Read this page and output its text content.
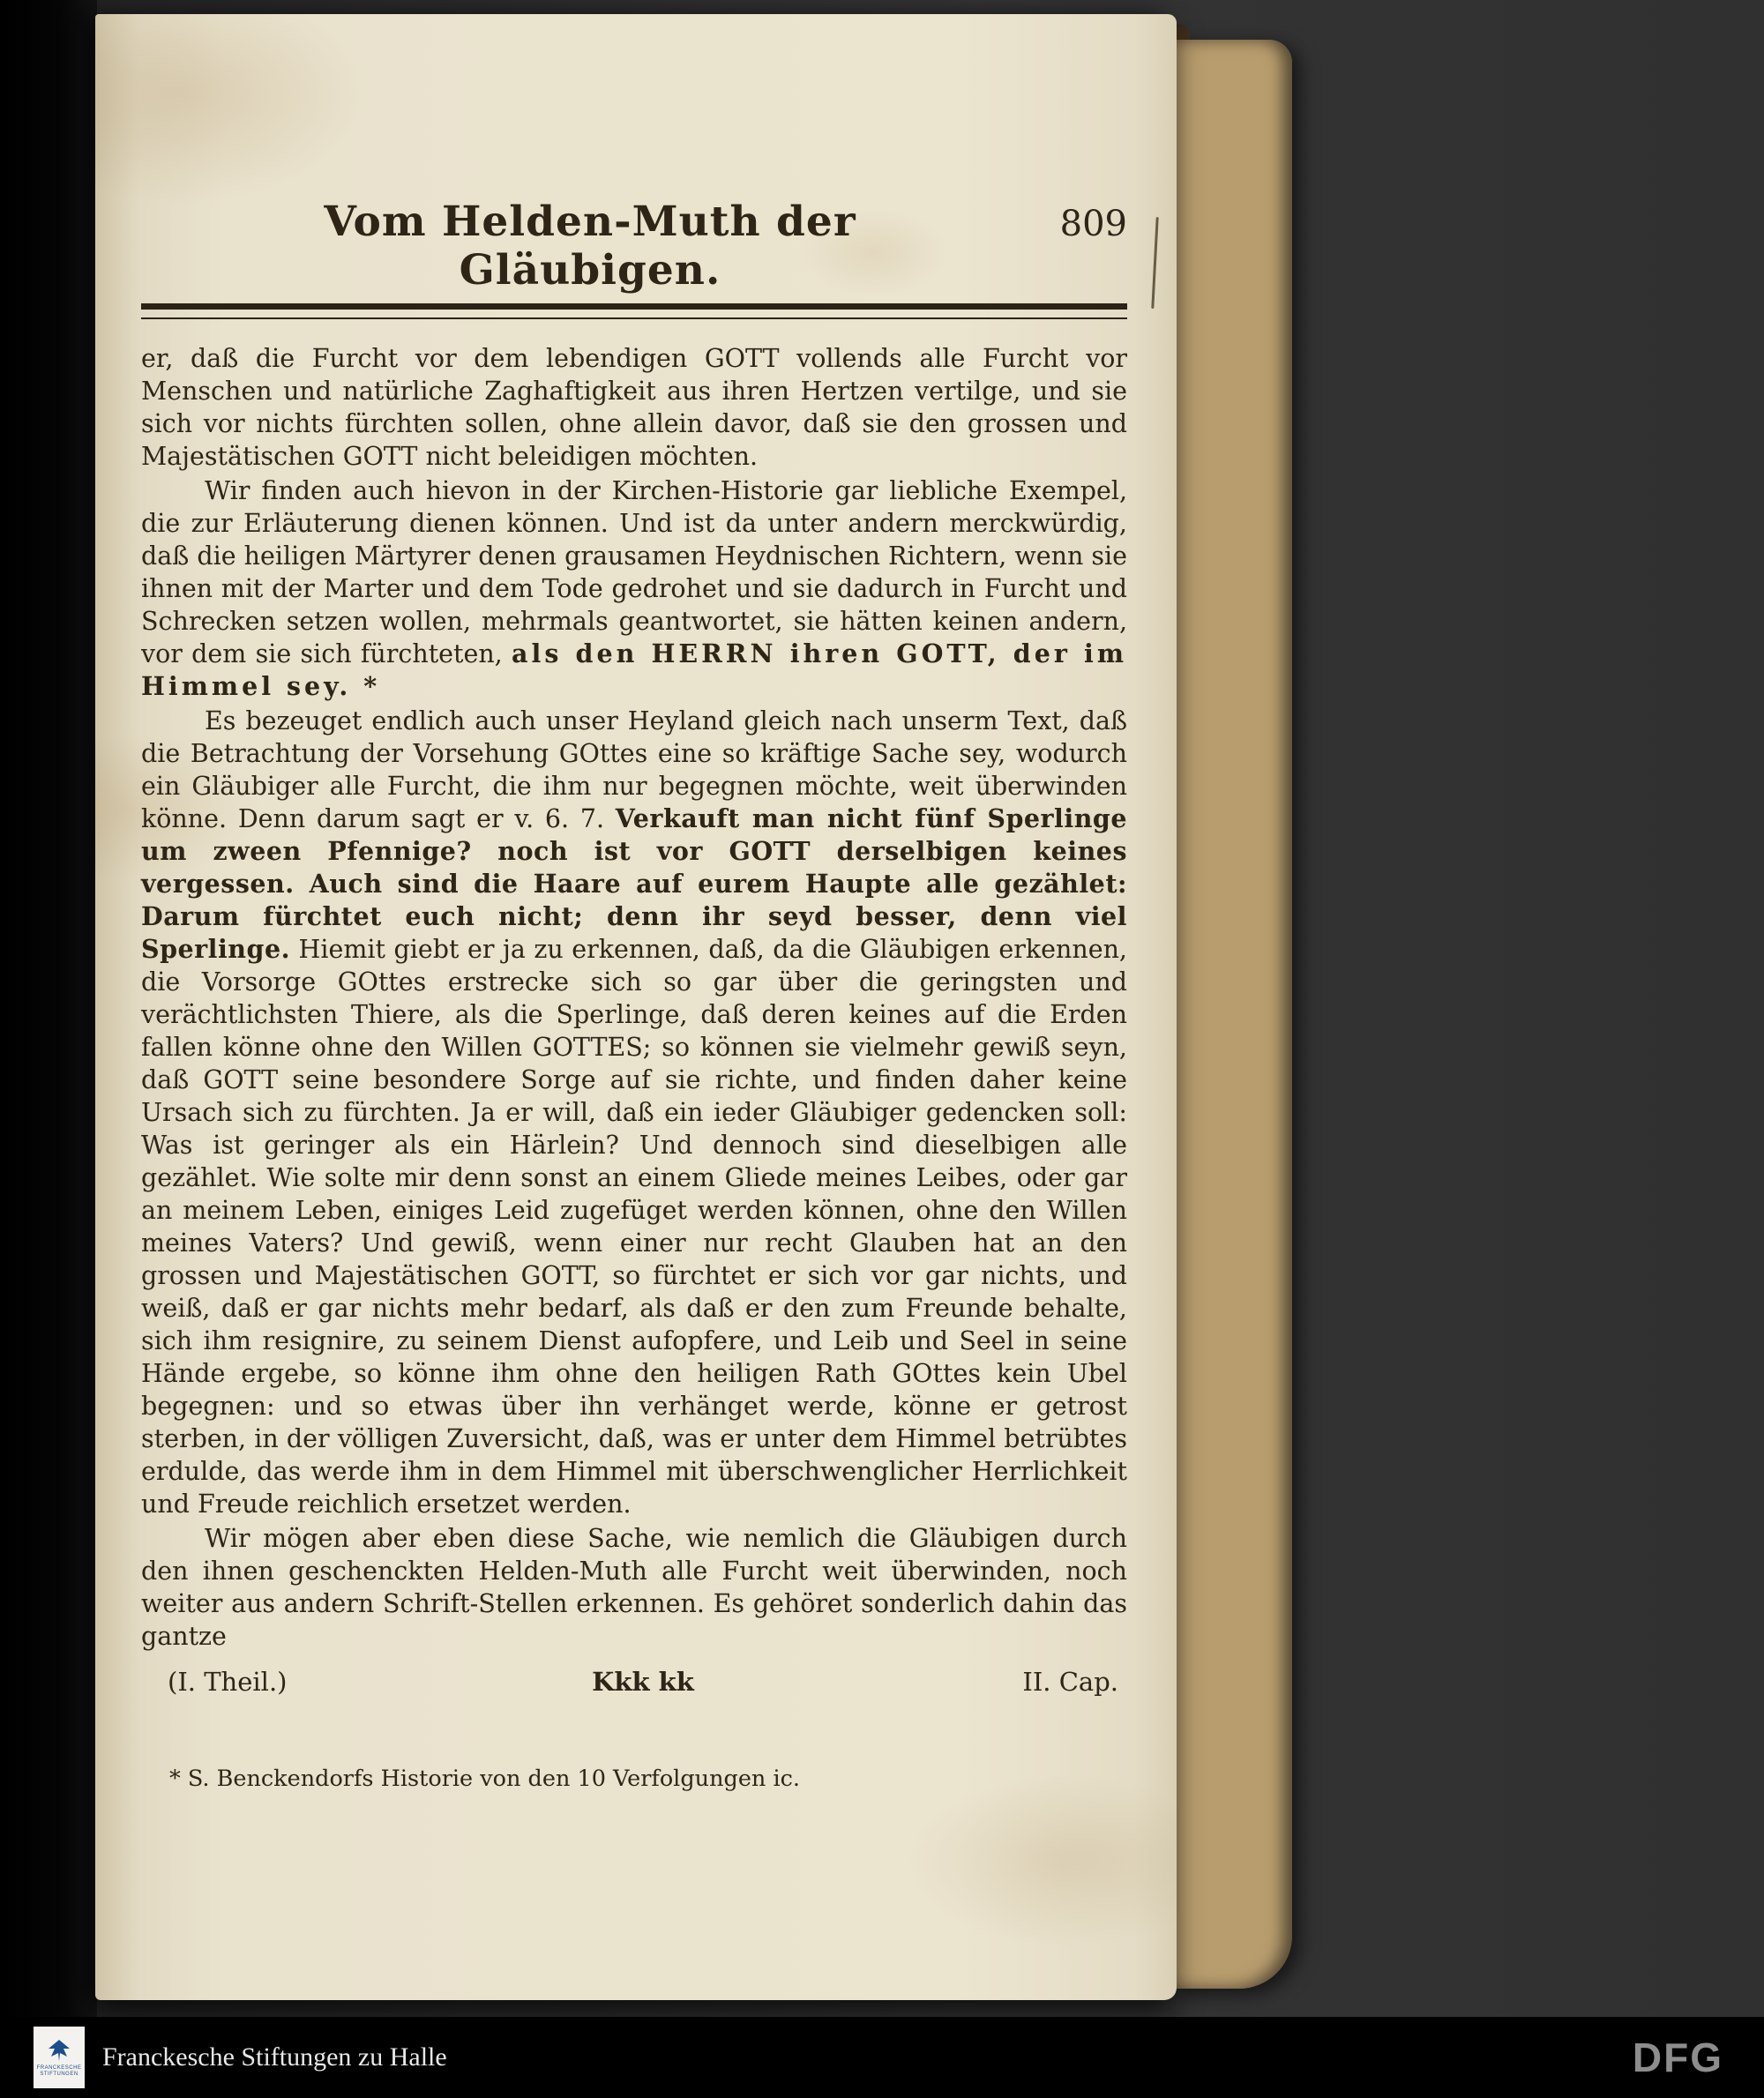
Vom Helden-Muth der Gläubigen.
809

er, daß die Furcht vor dem lebendigen GOTT vollends alle Furcht vor Menschen und natürliche Zaghaftigkeit aus ihren Hertzen vertilge, und sie sich vor nichts fürchten sollen, ohne allein davor, daß sie den grossen und Majestätischen GOTT nicht beleidigen möchten.

Wir finden auch hievon in der Kirchen-Historie gar liebliche Exempel, die zur Erläuterung dienen können. Und ist da unter andern merckwürdig, daß die heiligen Märtyrer denen grausamen Heydnischen Richtern, wenn sie ihnen mit der Marter und dem Tode gedrohet und sie dadurch in Furcht und Schrecken setzen wollen, mehrmals geantwortet, sie hätten keinen andern, vor dem sie sich fürchteten, als den HERRN ihren GOTT, der im Himmel sey. *

Es bezeuget endlich auch unser Heyland gleich nach unserm Text, daß die Betrachtung der Vorsehung GOttes eine so kräftige Sache sey, wodurch ein Gläubiger alle Furcht, die ihm nur begegnen möchte, weit überwinden könne. Denn darum sagt er v. 6. 7. Verkauft man nicht fünf Sperlinge um zween Pfennige? noch ist vor GOTT derselbigen keines vergessen. Auch sind die Haare auf eurem Haupte alle gezählet: Darum fürchtet euch nicht; denn ihr seyd besser, denn viel Sperlinge. Hiemit giebt er ja zu erkennen, daß, da die Gläubigen erkennen, die Vorsorge GOttes erstrecke sich so gar über die geringsten und verächtlichsten Thiere, als die Sperlinge, daß deren keines auf die Erden fallen könne ohne den Willen GOTTES; so können sie vielmehr gewiß seyn, daß GOTT seine besondere Sorge auf sie richte, und finden daher keine Ursach sich zu fürchten. Ja er will, daß ein ieder Gläubiger gedencken soll: Was ist geringer als ein Härlein? Und dennoch sind dieselbigen alle gezählet. Wie solte mir denn sonst an einem Gliede meines Leibes, oder gar an meinem Leben, einiges Leid zugefüget werden können, ohne den Willen meines Vaters? Und gewiß, wenn einer nur recht Glauben hat an den grossen und Majestätischen GOTT, so fürchtet er sich vor gar nichts, und weiß, daß er gar nichts mehr bedarf, als daß er den zum Freunde behalte, sich ihm resignire, zu seinem Dienst aufopfere, und Leib und Seel in seine Hände ergebe, so könne ihm ohne den heiligen Rath GOttes kein Ubel begegnen: und so etwas über ihn verhänget werde, könne er getrost sterben, in der völligen Zuversicht, daß, was er unter dem Himmel betrübtes erdulde, das werde ihm in dem Himmel mit überschwenglicher Herrlichkeit und Freude reichlich ersetzet werden.

Wir mögen aber eben diese Sache, wie nemlich die Gläubigen durch den ihnen geschenckten Helden-Muth alle Furcht weit überwinden, noch weiter aus andern Schrift-Stellen erkennen. Es gehöret sonderlich dahin das gantze

(I. Theil.)	Kkk kk	II. Cap.
* S. Benckendorfs Historie von den 10 Verfolgungen ic.
FRANCKESCHE STIFTUNGEN
Franckesche Stiftungen zu Halle	DFG
